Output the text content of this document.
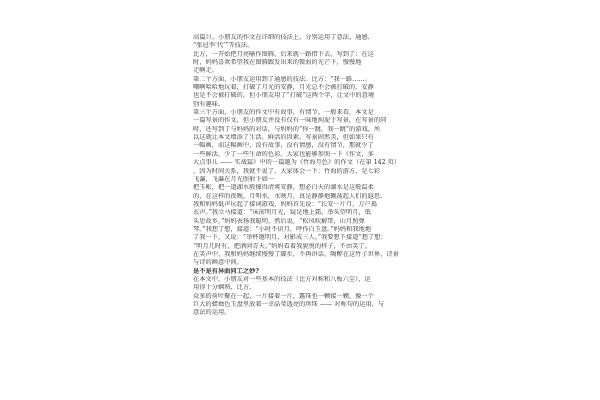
高篇》）。小朋友的作文在详细的技法上，分别运用了意法、通感、
“张冠李‘代’”等技法。
比方，一开始把月亮喻作图腾，后来就一路借下去，写到了：在这
时，妈妈喜欢希望我在图腾跟发出来的微弱的光芒下，慢慢地
走啊走。
第二个方面，小朋友运用到了通感的技法。比方：“我一路……。
嘲啊哈哈地玩着，打破了月光的安静，月光总不会被打破的，安静
也是不会被打破的，但小朋友用了“打破”这两个字，让文中的意境
别有趣味。
第三个方面，小朋友的作文中有故事，有情节。一般来看，本文是
一篇写景的作文，但小朋友并没有仅有一味地拘泥于写景，在写景的同
时，还写到了与妈妈的对话，与妈妈的“你一跳，我一跳”的游戏，所
以这就让本文增添了生活、鲜活的因素。写景固然美，但如果只有
一幅画，而这幅画中，没有故事，没有情感，没有情节，那就少了
一些鲜活，少了一些生命的色彩。大家也能够参照一下《作文，多
大点事儿 —— 实战篇》中的一篇题为《竹海月色》的作文（在第 142 页）
，因为时间关系，我就不说了，大家体会一下：竹海的游方，是七彩
飞瀑，飞瀑在月光照射下如一
把玉帐，把一道湖水般撑得清爽安静，想必白天的湖水是这般温柔
的，在这样的夜晚，月明水，水映月，真是静静地飘荡起人们的遐思。
我和妈妈低声玩起了接词游戏，妈妈首先说：“长安一片月，万户捣
衣声。”我立马接道：“床前明月光，疑是地上霜，举头望明月，低
头思故乡。”妈妈表扬我聪明，然后说，“松风吹解带，山月照弹
琴。”我想了想，接道：“小时不识月，呼作白玉盘。”妈妈和我地地
了我一下，又说：“举杯邀明月，对影成三人。”我要想下接道“想了想：
“明月几时有，把酒问青天。”妈妈看着我貌悦的样子，不由笑了。
在笑声中，我和妈妈继续慢慢了脚步，不再讲话，陶醉在这竹子世界，诗景
与诗的画意中间。
是不是有异曲同工之妙?
在本文中，小朋友对一些基本的技法（比方对称和八板六尘），运
用得十分娴熟，比方，
众多的荷叶聚在一起，一片接着一片，露珠也一颗接一颗，像一个
巨大的蜡烛色玉盘里放着一幸晶莹透亮的珍珠 —— 对称句的运用，与
意法的运用。
